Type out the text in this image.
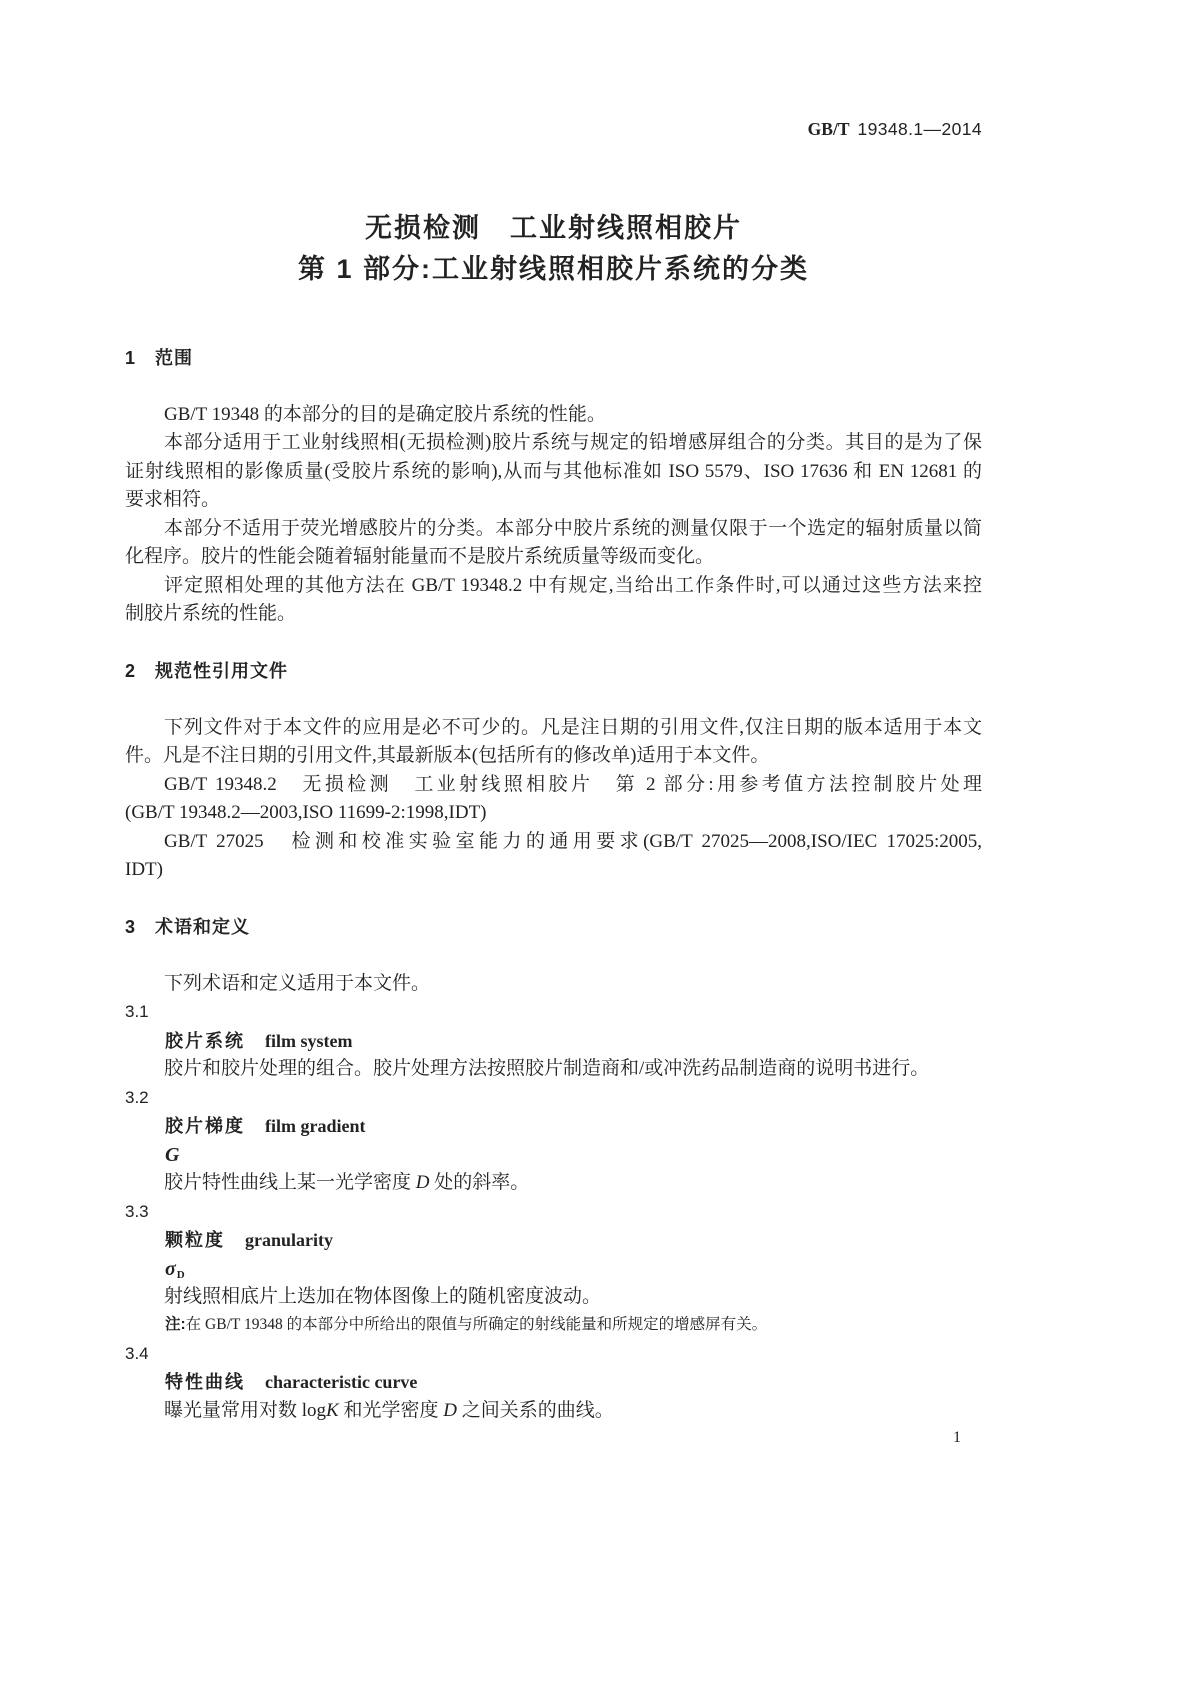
GB/T 19348.1—2014
无损检测　工业射线照相胶片
第 1 部分:工业射线照相胶片系统的分类
1 范围
GB/T 19348 的本部分的目的是确定胶片系统的性能。
本部分适用于工业射线照相(无损检测)胶片系统与规定的铅增感屏组合的分类。其目的是为了保
证射线照相的影像质量(受胶片系统的影响),从而与其他标准如 ISO 5579、ISO 17636 和 EN 12681 的
要求相符。
本部分不适用于荧光增感胶片的分类。本部分中胶片系统的测量仅限于一个选定的辐射质量以简
化程序。胶片的性能会随着辐射能量而不是胶片系统质量等级而变化。
评定照相处理的其他方法在 GB/T 19348.2 中有规定,当给出工作条件时,可以通过这些方法来控
制胶片系统的性能。
2 规范性引用文件
下列文件对于本文件的应用是必不可少的。凡是注日期的引用文件,仅注日期的版本适用于本文
件。凡是不注日期的引用文件,其最新版本(包括所有的修改单)适用于本文件。
GB/T 19348.2　无损检测　工业射线照相胶片　第 2 部分:用参考值方法控制胶片处理
(GB/T 19348.2—2003,ISO 11699-2:1998,IDT)
GB/T 27025　检测和校准实验室能力的通用要求(GB/T 27025—2008,ISO/IEC 17025:2005,
IDT)
3 术语和定义
下列术语和定义适用于本文件。
3.1
胶片系统 film system
胶片和胶片处理的组合。胶片处理方法按照胶片制造商和/或冲洗药品制造商的说明书进行。
3.2
胶片梯度 film gradient
G
胶片特性曲线上某一光学密度 D 处的斜率。
3.3
颗粒度 granularity
σD
射线照相底片上迭加在物体图像上的随机密度波动。
注:在 GB/T 19348 的本部分中所给出的限值与所确定的射线能量和所规定的增感屏有关。
3.4
特性曲线 characteristic curve
曝光量常用对数 logK 和光学密度 D 之间关系的曲线。
1
